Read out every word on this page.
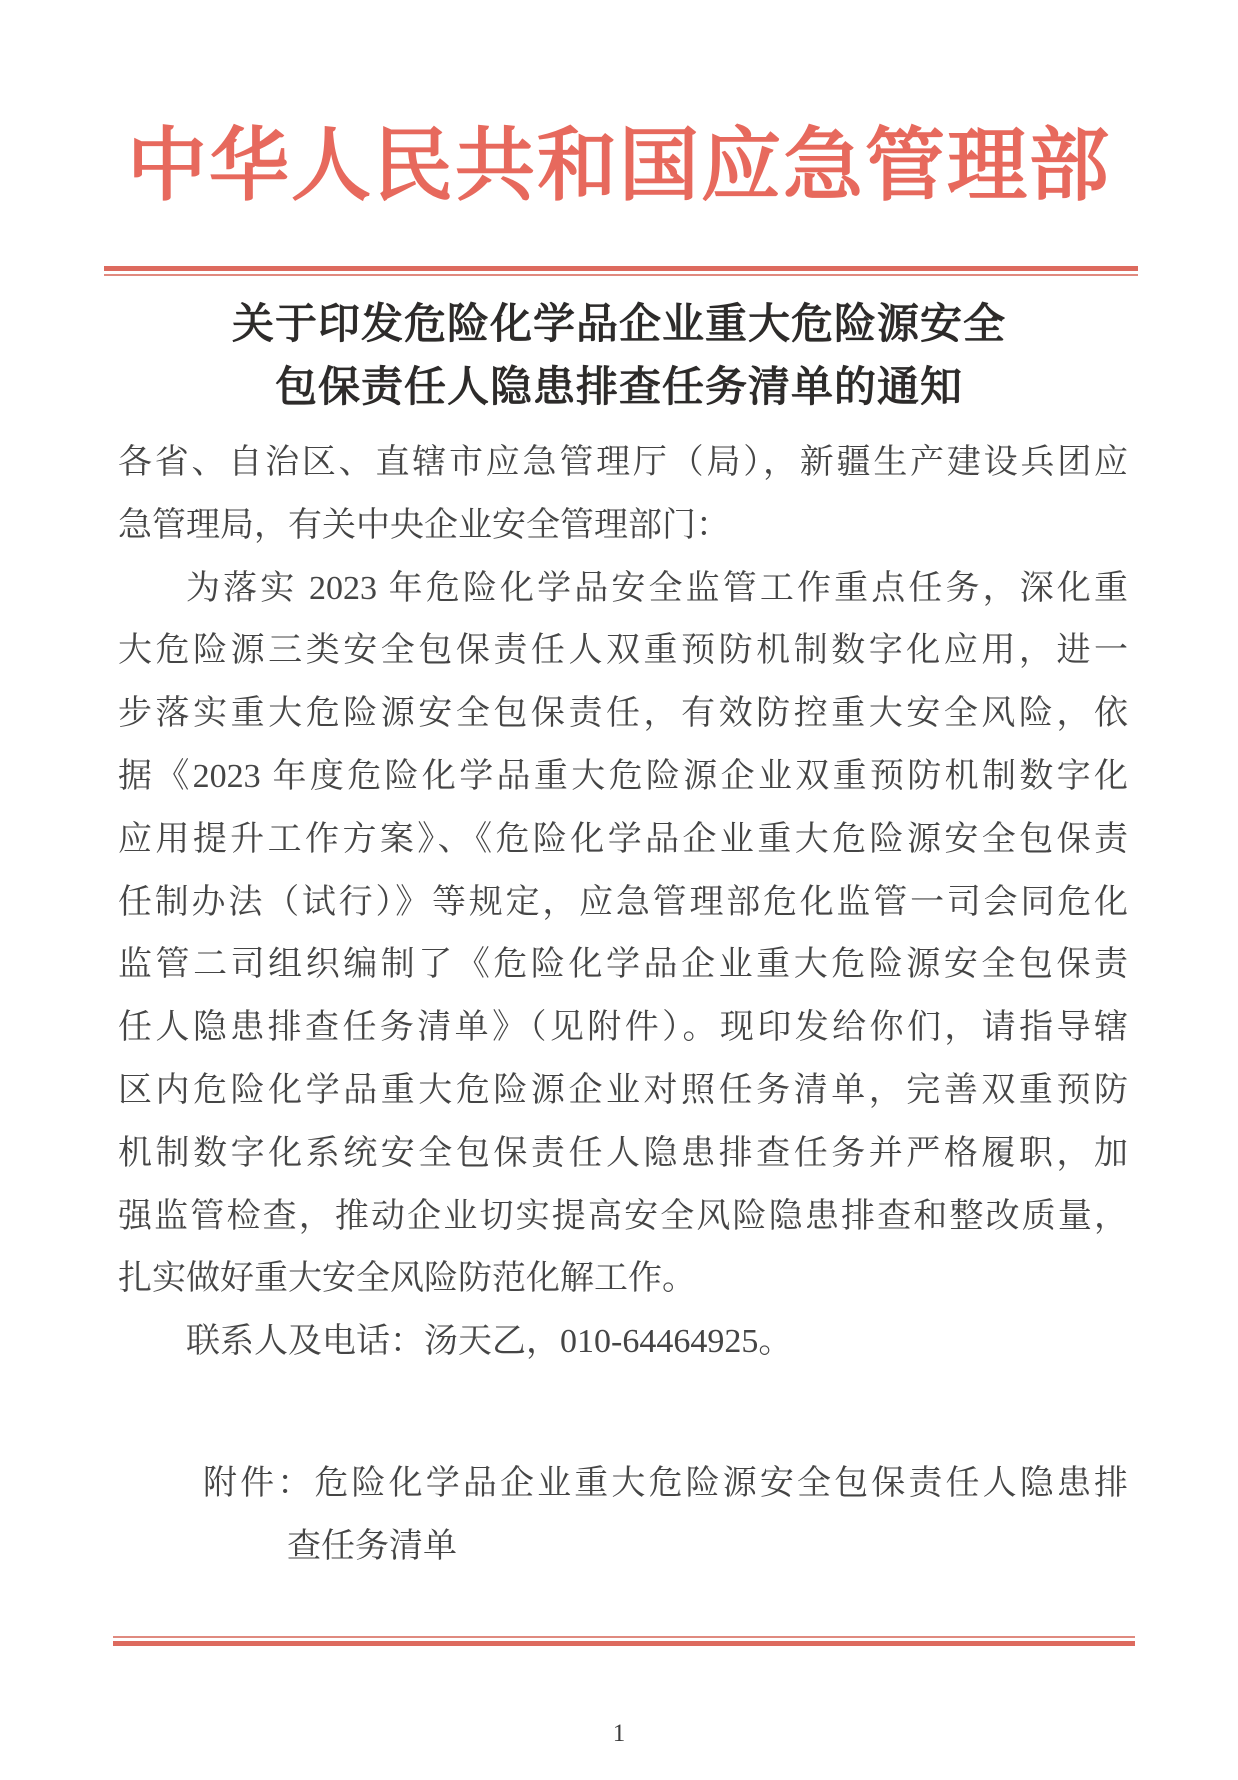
中华人民共和国应急管理部
关于印发危险化学品企业重大危险源安全
包保责任人隐患排查任务清单的通知
各省、自治区、直辖市应急管理厅（局），新疆生产建设兵团应
急管理局，有关中央企业安全管理部门：
为落实 2023 年危险化学品安全监管工作重点任务，深化重
大危险源三类安全包保责任人双重预防机制数字化应用，进一
步落实重大危险源安全包保责任，有效防控重大安全风险，依
据《2023 年度危险化学品重大危险源企业双重预防机制数字化
应用提升工作方案》、《危险化学品企业重大危险源安全包保责
任制办法（试行）》等规定，应急管理部危化监管一司会同危化
监管二司组织编制了《危险化学品企业重大危险源安全包保责
任人隐患排查任务清单》（见附件）。现印发给你们，请指导辖
区内危险化学品重大危险源企业对照任务清单，完善双重预防
机制数字化系统安全包保责任人隐患排查任务并严格履职，加
强监管检查，推动企业切实提高安全风险隐患排查和整改质量，
扎实做好重大安全风险防范化解工作。
联系人及电话：汤天乙，010-64464925。
附件：危险化学品企业重大危险源安全包保责任人隐患排
查任务清单
1
